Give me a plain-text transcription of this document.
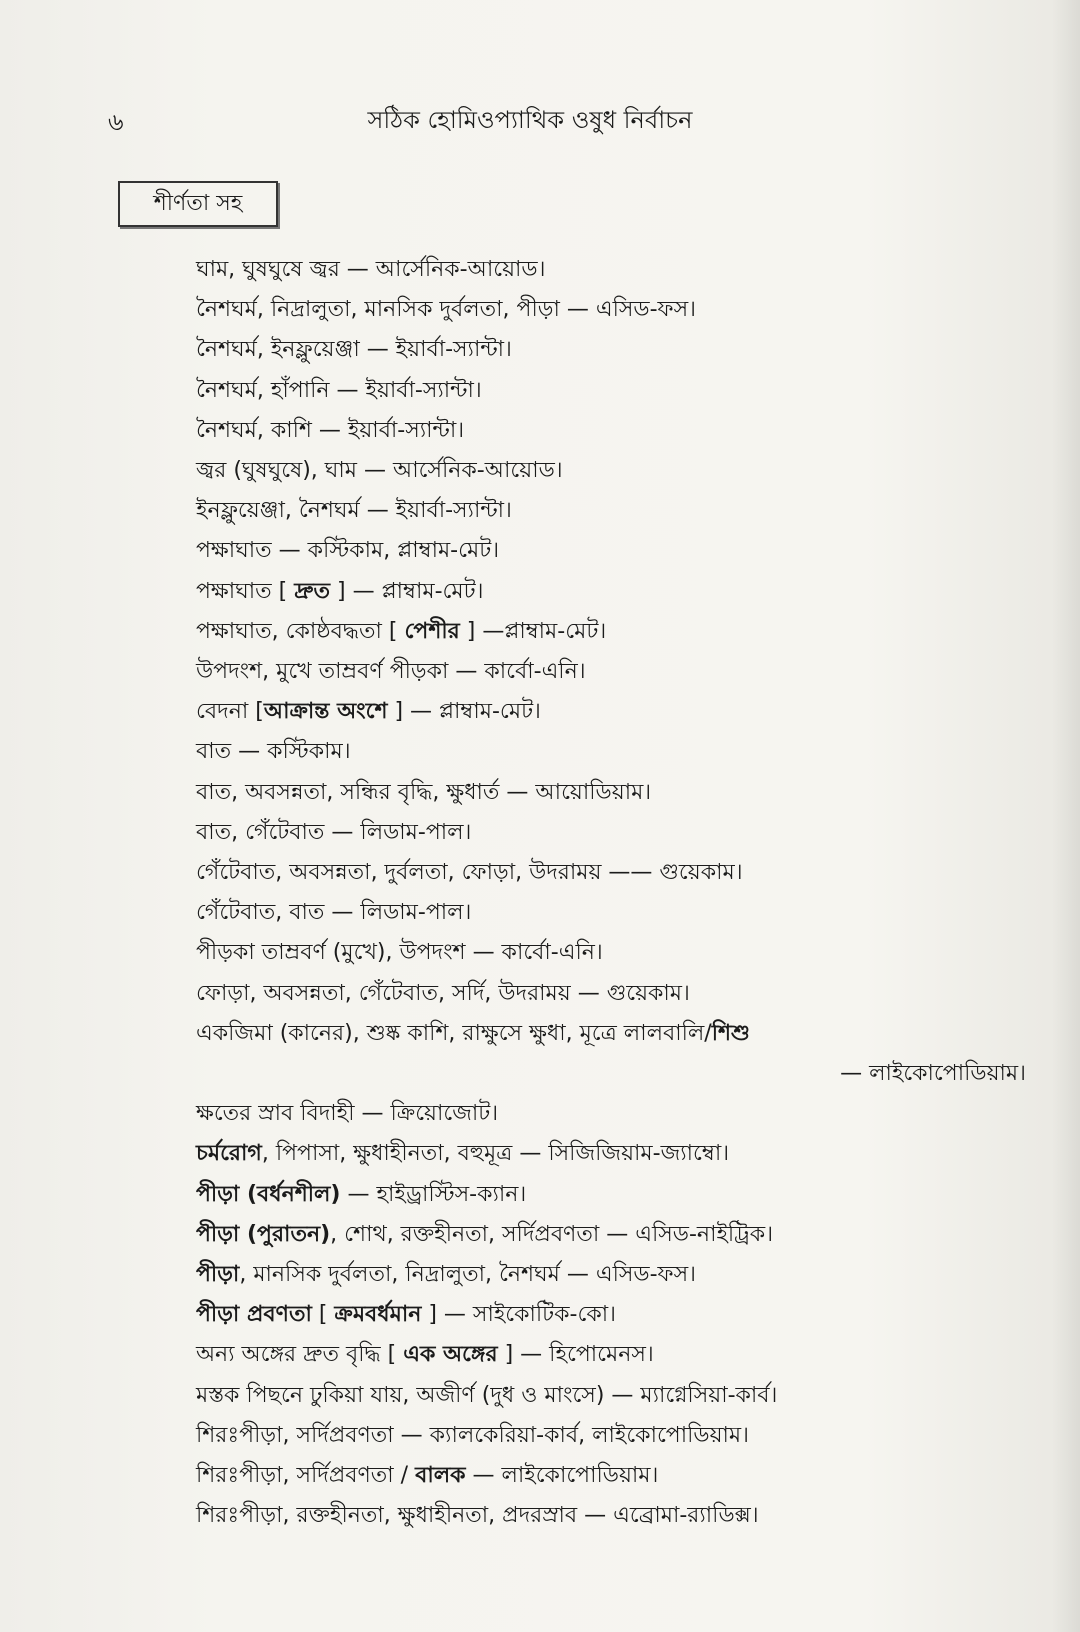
৬	সঠিক হোমিওপ্যাথিক ওষুধ নির্বাচন
শীর্ণতা সহ
ঘাম, ঘুষঘুষে জ্বর — আর্সেনিক-আয়োড।
নৈশঘর্ম, নিদ্রালুতা, মানসিক দুর্বলতা, পীড়া — এসিড-ফস।
নৈশঘর্ম, ইনফ্লুয়েঞ্জা — ইয়ার্বা-স্যান্টা।
নৈশঘর্ম, হাঁপানি — ইয়ার্বা-স্যান্টা।
নৈশঘর্ম, কাশি — ইয়ার্বা-স্যান্টা।
জ্বর (ঘুষঘুষে), ঘাম — আর্সেনিক-আয়োড।
ইনফ্লুয়েঞ্জা, নৈশঘর্ম — ইয়ার্বা-স্যান্টা।
পক্ষাঘাত — কস্টিকাম, প্লাম্বাম-মেট।
পক্ষাঘাত [ দ্রুত ] — প্লাম্বাম-মেট।
পক্ষাঘাত, কোষ্ঠবদ্ধতা [ পেশীর ] —প্লাম্বাম-মেট।
উপদংশ, মুখে তাম্রবর্ণ পীড়কা — কার্বো-এনি।
বেদনা [আক্রান্ত অংশে ] — প্লাম্বাম-মেট।
বাত — কস্টিকাম।
বাত, অবসন্নতা, সন্ধির বৃদ্ধি, ক্ষুধার্ত — আয়োডিয়াম।
বাত, গেঁটেবাত — লিডাম-পাল।
গেঁটেবাত, অবসন্নতা, দুর্বলতা, ফোড়া, উদরাময় —— গুয়েকাম।
গেঁটেবাত, বাত — লিডাম-পাল।
পীড়কা তাম্রবর্ণ (মুখে), উপদংশ — কার্বো-এনি।
ফোড়া, অবসন্নতা, গেঁটেবাত, সর্দি, উদরাময় — গুয়েকাম।
একজিমা (কানের), শুষ্ক কাশি, রাক্ষুসে ক্ষুধা, মূত্রে লালবালি/শিশু
— লাইকোপোডিয়াম।
ক্ষতের স্রাব বিদাহী — ক্রিয়োজোট।
চর্মরোগ, পিপাসা, ক্ষুধাহীনতা, বহুমূত্র — সিজিজিয়াম-জ্যাম্বো।
পীড়া (বর্ধনশীল) — হাইড্রাস্টিস-ক্যান।
পীড়া (পুরাতন), শোথ, রক্তহীনতা, সর্দিপ্রবণতা — এসিড-নাইট্রিক।
পীড়া, মানসিক দুর্বলতা, নিদ্রালুতা, নৈশঘর্ম — এসিড-ফস।
পীড়া প্রবণতা [ ক্রমবর্ধমান ] — সাইকোটিক-কো।
অন্য অঙ্গের দ্রুত বৃদ্ধি [ এক অঙ্গের ] — হিপোমেনস।
মস্তক পিছনে ঢুকিয়া যায়, অজীর্ণ (দুধ ও মাংসে) — ম্যাগ্নেসিয়া-কার্ব।
শিরঃপীড়া, সর্দিপ্রবণতা — ক্যালকেরিয়া-কার্ব, লাইকোপোডিয়াম।
শিরঃপীড়া, সর্দিপ্রবণতা / বালক — লাইকোপোডিয়াম।
শিরঃপীড়া, রক্তহীনতা, ক্ষুধাহীনতা, প্রদরস্রাব — এব্রোমা-র‍্যাডিক্স।
